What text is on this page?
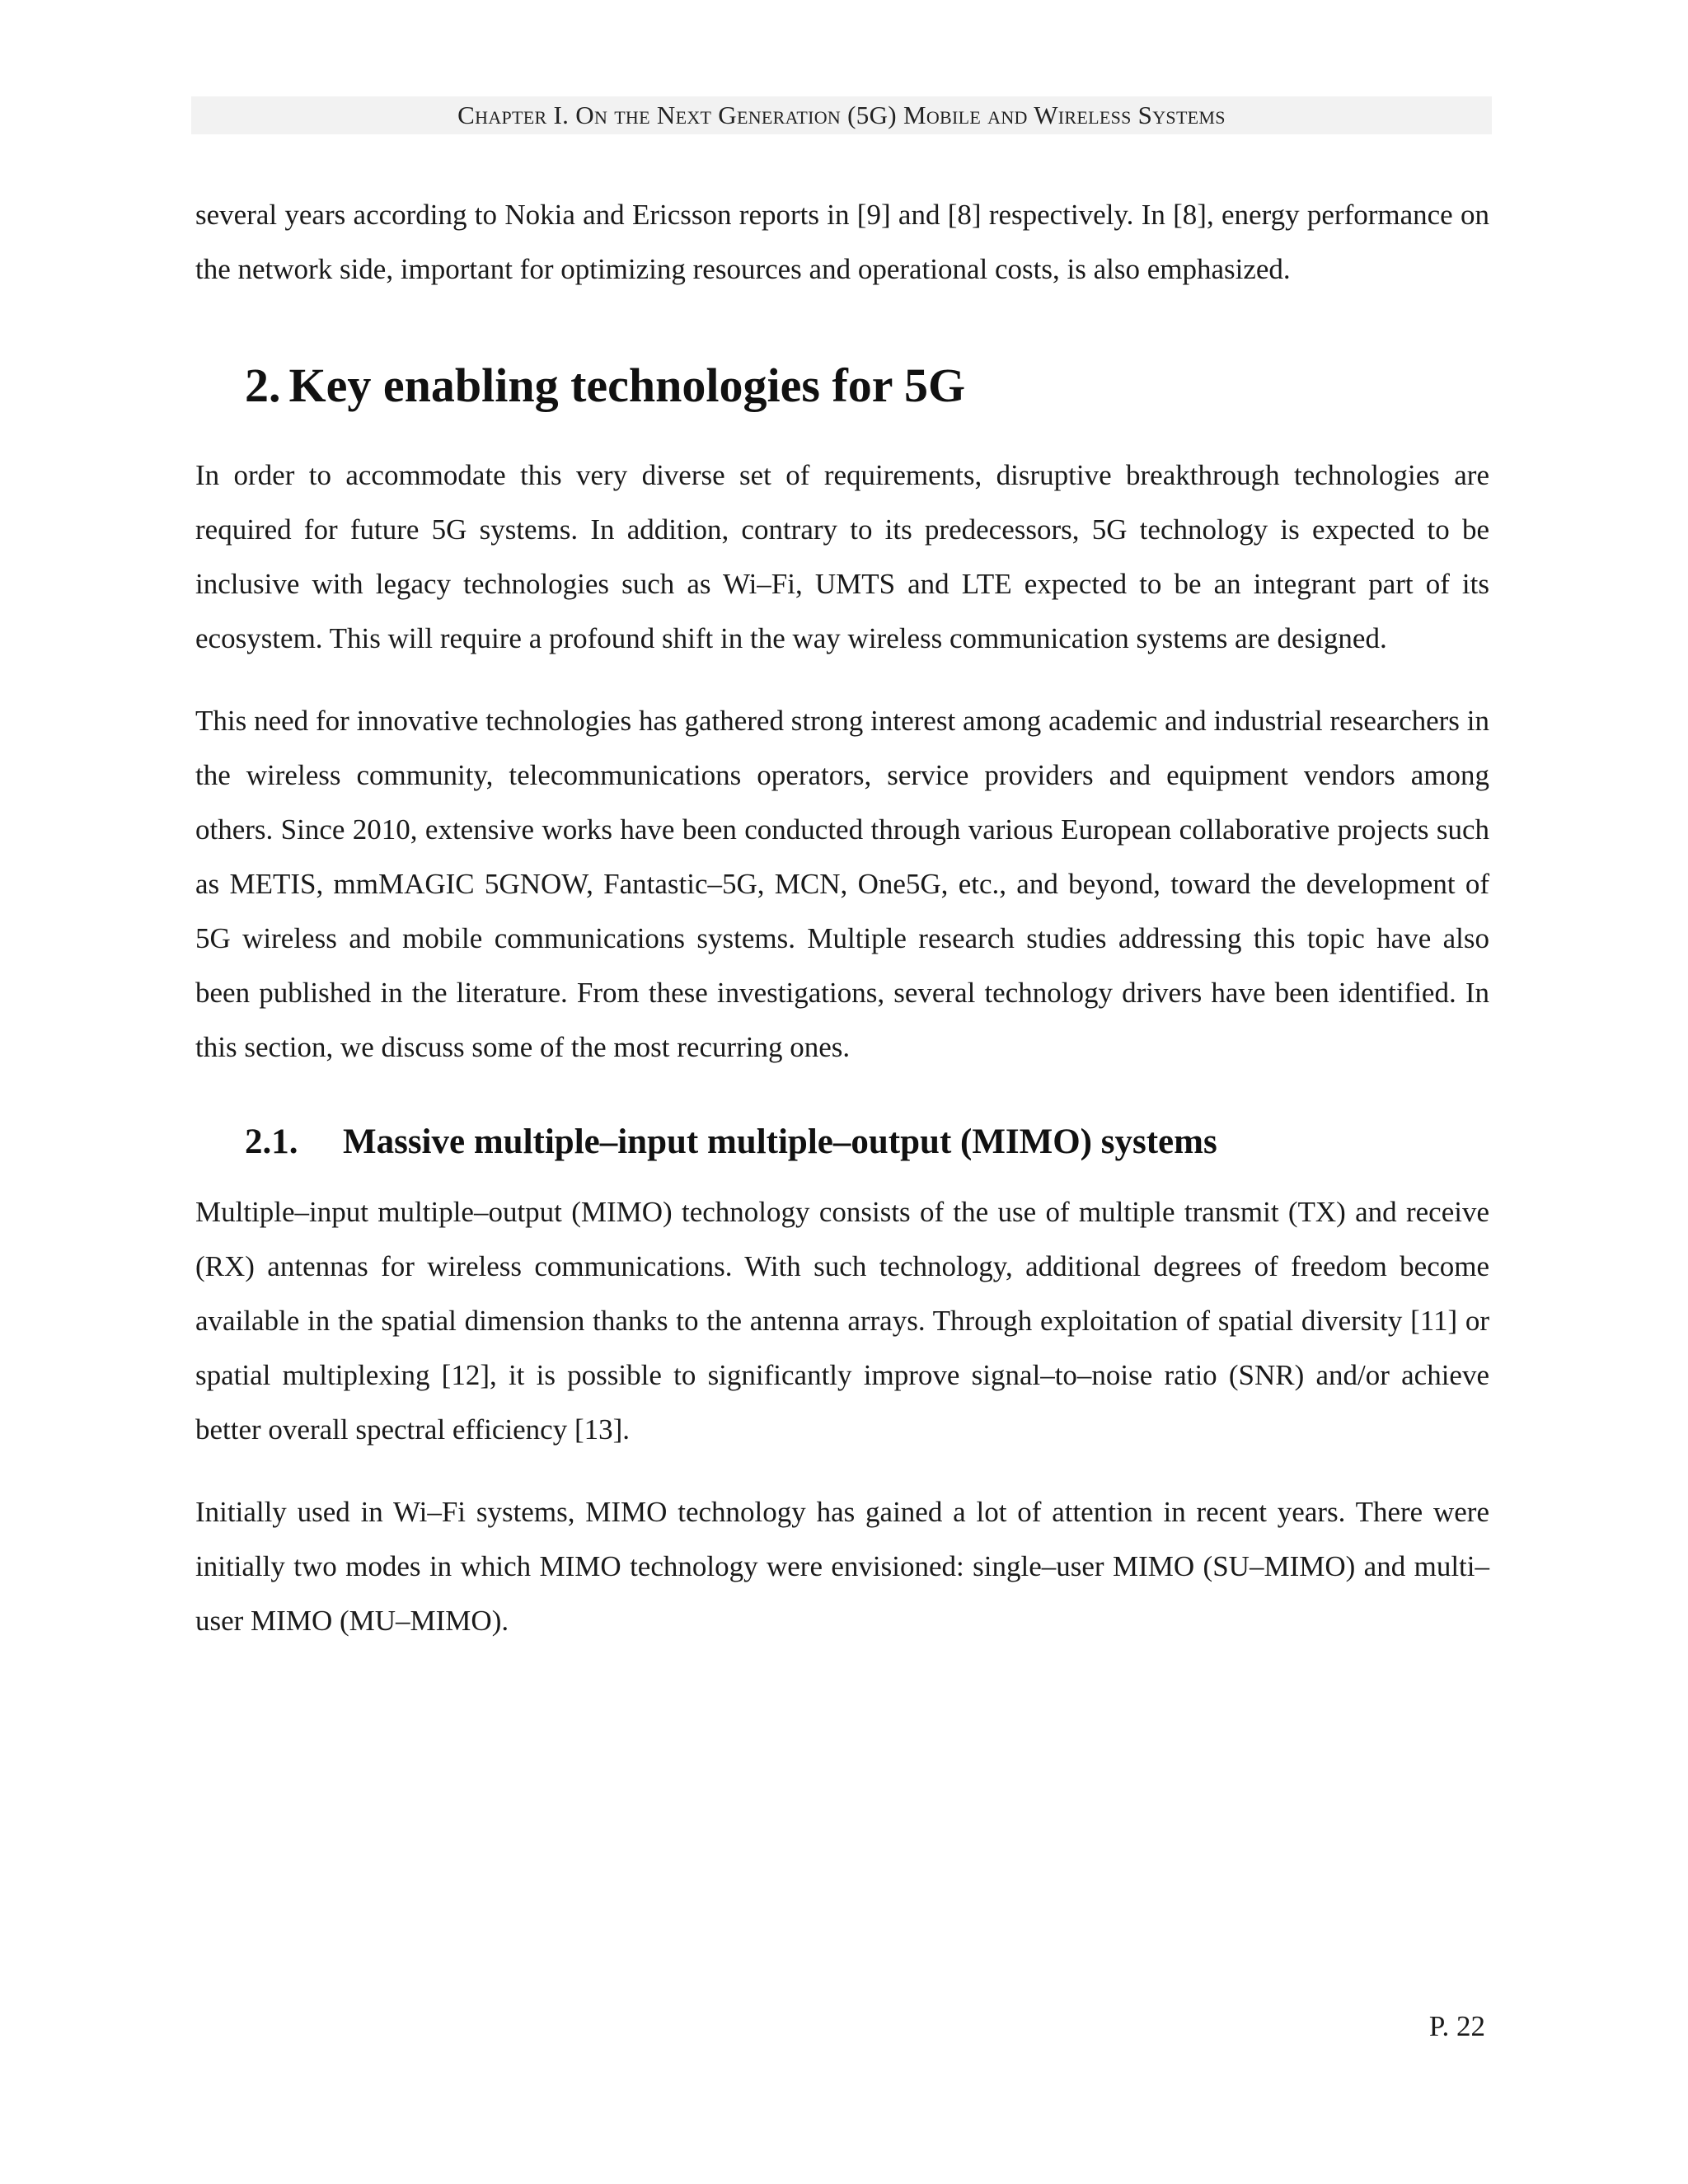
Chapter I. On the Next Generation (5G) Mobile and Wireless Systems

several years according to Nokia and Ericsson reports in [9] and [8] respectively. In [8], energy performance on the network side, important for optimizing resources and operational costs, is also emphasized.

2. Key enabling technologies for 5G

In order to accommodate this very diverse set of requirements, disruptive breakthrough technologies are required for future 5G systems. In addition, contrary to its predecessors, 5G technology is expected to be inclusive with legacy technologies such as Wi–Fi, UMTS and LTE expected to be an integrant part of its ecosystem. This will require a profound shift in the way wireless communication systems are designed.

This need for innovative technologies has gathered strong interest among academic and industrial researchers in the wireless community, telecommunications operators, service providers and equipment vendors among others. Since 2010, extensive works have been conducted through various European collaborative projects such as METIS, mmMAGIC 5GNOW, Fantastic–5G, MCN, One5G, etc., and beyond, toward the development of 5G wireless and mobile communications systems. Multiple research studies addressing this topic have also been published in the literature. From these investigations, several technology drivers have been identified. In this section, we discuss some of the most recurring ones.

2.1. Massive multiple–input multiple–output (MIMO) systems

Multiple–input multiple–output (MIMO) technology consists of the use of multiple transmit (TX) and receive (RX) antennas for wireless communications. With such technology, additional degrees of freedom become available in the spatial dimension thanks to the antenna arrays. Through exploitation of spatial diversity [11] or spatial multiplexing [12], it is possible to significantly improve signal–to–noise ratio (SNR) and/or achieve better overall spectral efficiency [13].

Initially used in Wi–Fi systems, MIMO technology has gained a lot of attention in recent years. There were initially two modes in which MIMO technology were envisioned: single–user MIMO (SU–MIMO) and multi–user MIMO (MU–MIMO).

P. 22
